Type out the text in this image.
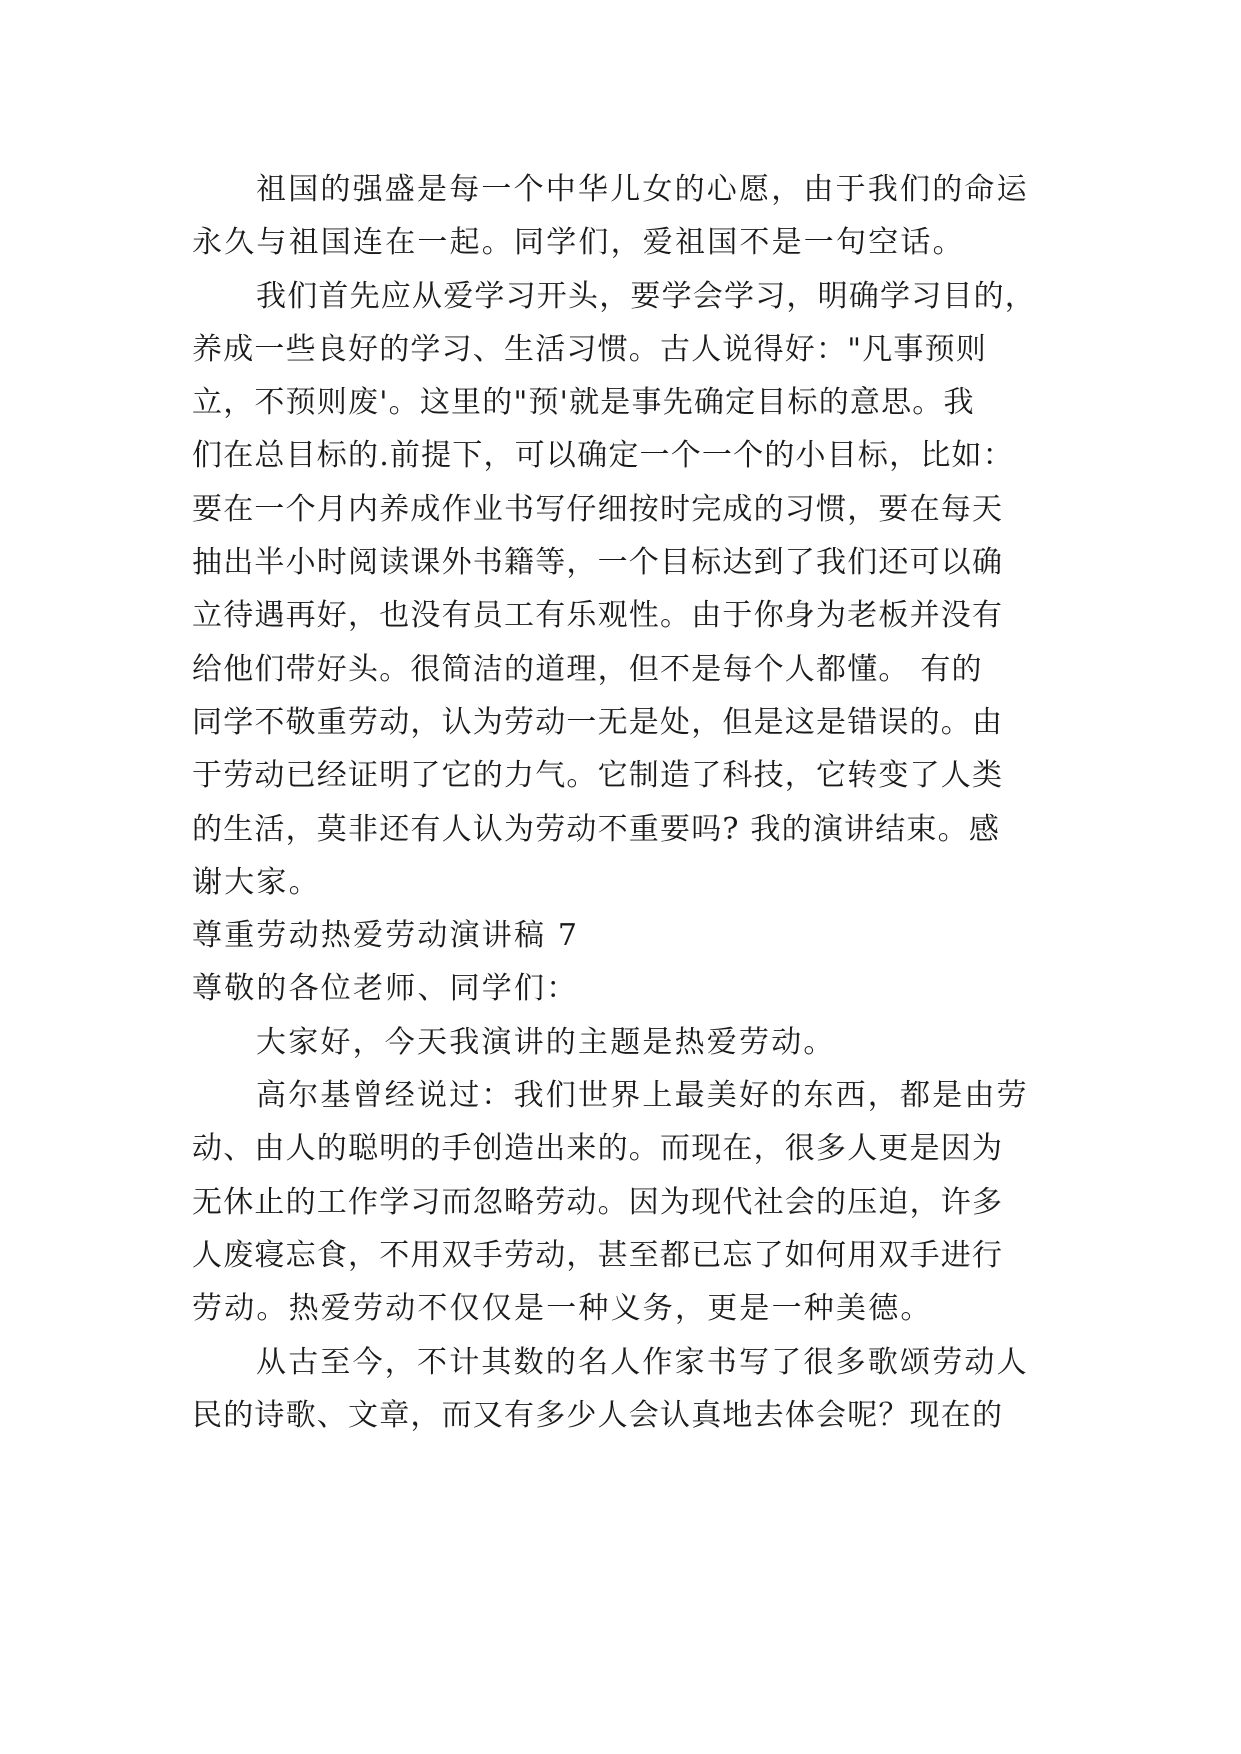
祖国的强盛是每一个中华儿女的心愿，由于我们的命运
永久与祖国连在一起。同学们，爱祖国不是一句空话。
我们首先应从爱学习开头，要学会学习，明确学习目的，
养成一些良好的学习、生活习惯。古人说得好："凡事预则
立，不预则废'。这里的"预'就是事先确定目标的意思。我
们在总目标的.前提下，可以确定一个一个的小目标，比如：
要在一个月内养成作业书写仔细按时完成的习惯，要在每天
抽出半小时阅读课外书籍等，一个目标达到了我们还可以确
立待遇再好，也没有员工有乐观性。由于你身为老板并没有
给他们带好头。很简洁的道理，但不是每个人都懂。 有的
同学不敬重劳动，认为劳动一无是处，但是这是错误的。由
于劳动已经证明了它的力气。它制造了科技，它转变了人类
的生活，莫非还有人认为劳动不重要吗? 我的演讲结束。感
谢大家。
尊重劳动热爱劳动演讲稿 7
尊敬的各位老师、同学们：
大家好，今天我演讲的主题是热爱劳动。
高尔基曾经说过：我们世界上最美好的东西，都是由劳
动、由人的聪明的手创造出来的。而现在，很多人更是因为
无休止的工作学习而忽略劳动。因为现代社会的压迫，许多
人废寝忘食，不用双手劳动，甚至都已忘了如何用双手进行
劳动。热爱劳动不仅仅是一种义务，更是一种美德。
从古至今，不计其数的名人作家书写了很多歌颂劳动人
民的诗歌、文章，而又有多少人会认真地去体会呢？现在的
